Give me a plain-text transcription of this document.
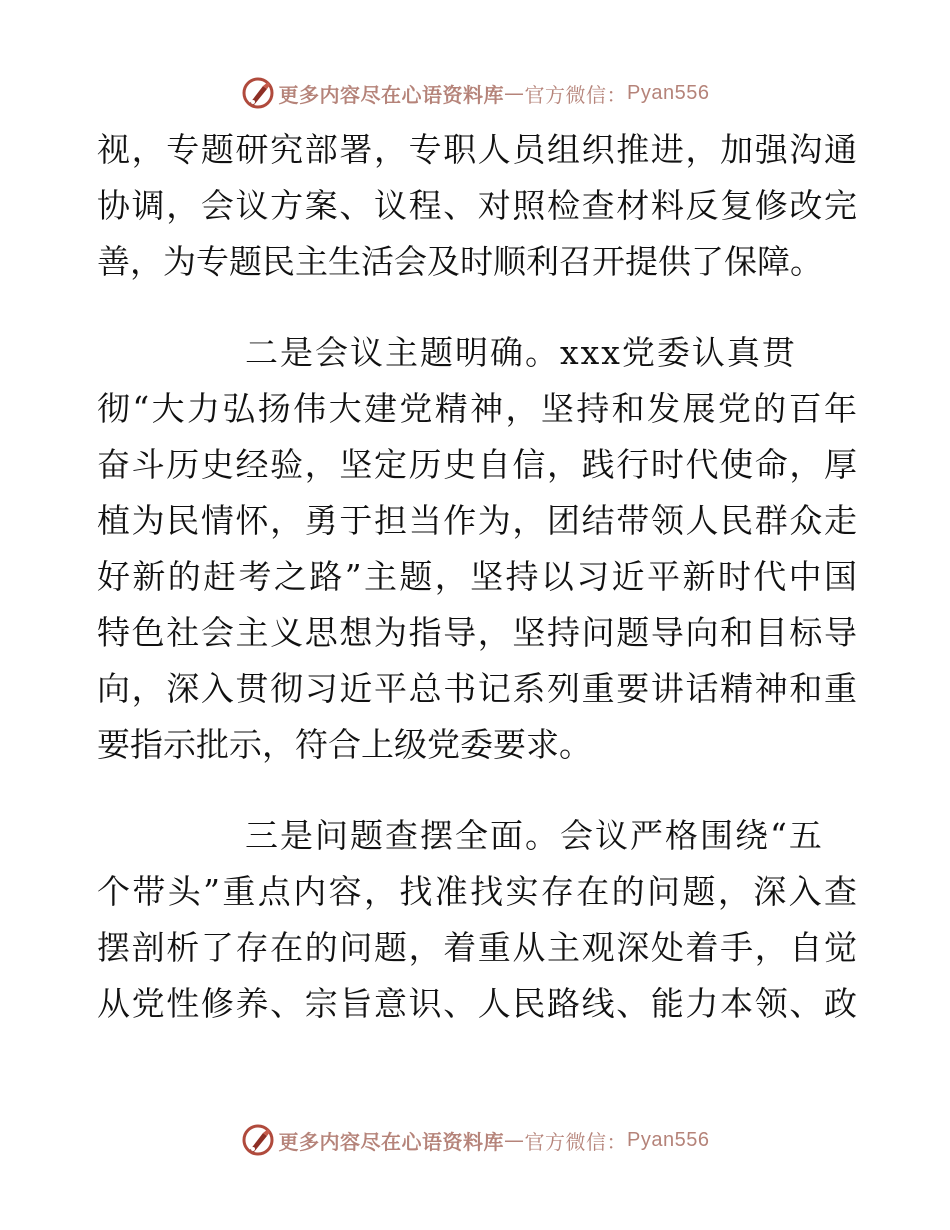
更多内容尽在心语资料库 — 官方微信： Pyan556
视，专题研究部署，专职人员组织推进，加强沟通
协调，会议方案、议程、对照检查材料反复修改完
善，为专题民主生活会及时顺利召开提供了保障。
二是会议主题明确。xxx党委认真贯
彻“大力弘扬伟大建党精神，坚持和发展党的百年
奋斗历史经验，坚定历史自信，践行时代使命，厚
植为民情怀，勇于担当作为，团结带领人民群众走
好新的赶考之路”主题，坚持以习近平新时代中国
特色社会主义思想为指导，坚持问题导向和目标导
向，深入贯彻习近平总书记系列重要讲话精神和重
要指示批示，符合上级党委要求。
三是问题查摆全面。会议严格围绕“五
个带头”重点内容，找准找实存在的问题，深入查
摆剖析了存在的问题，着重从主观深处着手，自觉
从党性修养、宗旨意识、人民路线、能力本领、政
更多内容尽在心语资料库 — 官方微信： Pyan556
